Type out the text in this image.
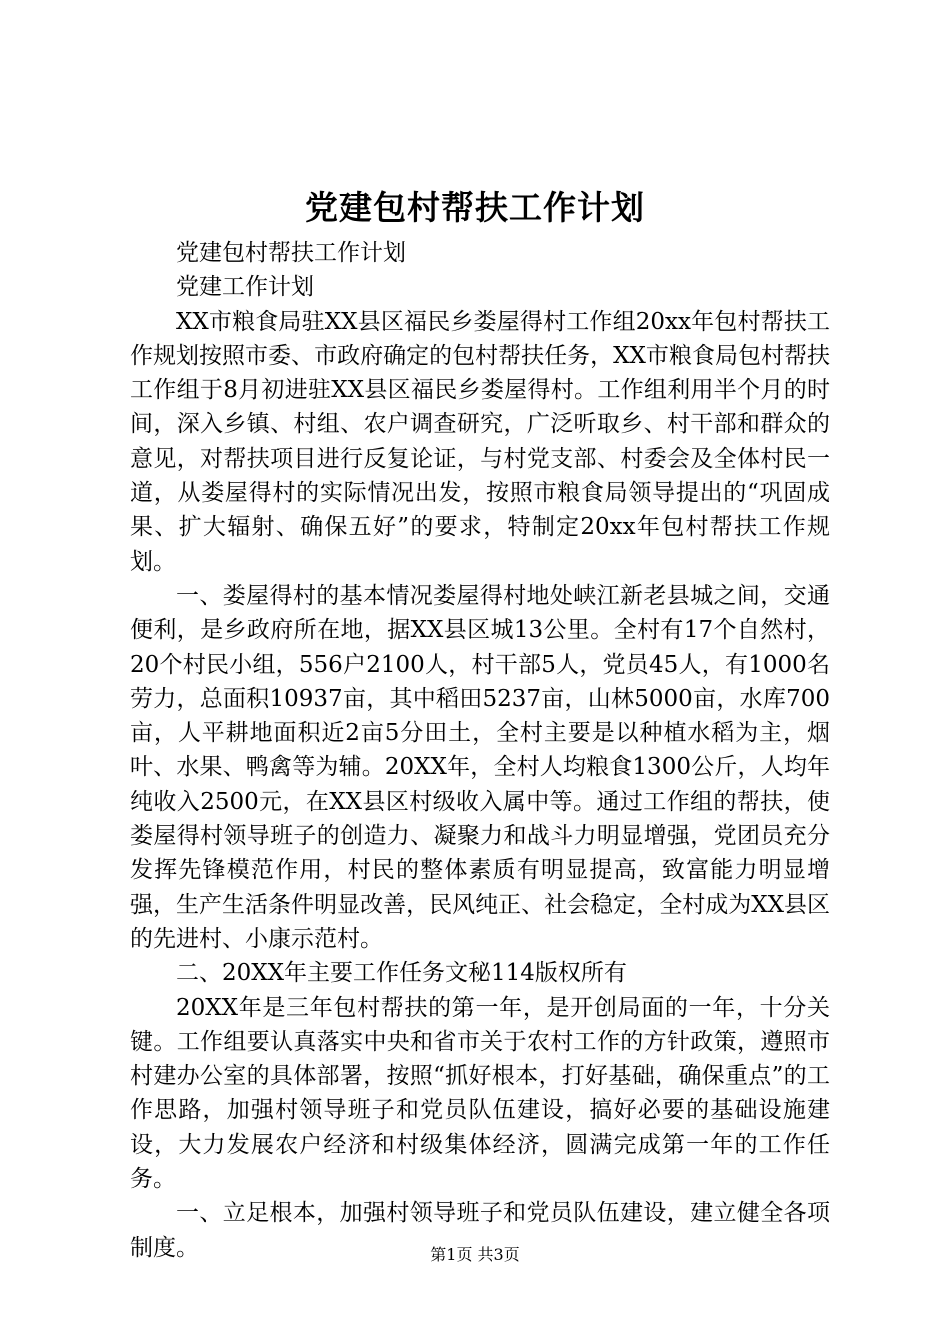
党建包村帮扶工作计划

党建包村帮扶工作计划

党建工作计划

XX市粮食局驻XX县区福民乡娄屋得村工作组20xx年包村帮扶工作规划按照市委、市政府确定的包村帮扶任务，XX市粮食局包村帮扶工作组于8月初进驻XX县区福民乡娄屋得村。工作组利用半个月的时间，深入乡镇、村组、农户调查研究，广泛听取乡、村干部和群众的意见，对帮扶项目进行反复论证，与村党支部、村委会及全体村民一道，从娄屋得村的实际情况出发，按照市粮食局领导提出的“巩固成果、扩大辐射、确保五好”的要求，特制定20xx年包村帮扶工作规划。

一、娄屋得村的基本情况娄屋得村地处峡江新老县城之间，交通便利，是乡政府所在地，据XX县区城13公里。全村有17个自然村，20个村民小组，556户2100人，村干部5人，党员45人，有1000名劳力，总面积10937亩，其中稻田5237亩，山林5000亩，水库700亩，人平耕地面积近2亩5分田土，全村主要是以种植水稻为主，烟叶、水果、鸭禽等为辅。20XX年，全村人均粮食1300公斤，人均年纯收入2500元，在XX县区村级收入属中等。通过工作组的帮扶，使娄屋得村领导班子的创造力、凝聚力和战斗力明显增强，党团员充分发挥先锋模范作用，村民的整体素质有明显提高，致富能力明显增强，生产生活条件明显改善，民风纯正、社会稳定，全村成为XX县区的先进村、小康示范村。

二、20XX年主要工作任务文秘114版权所有

20XX年是三年包村帮扶的第一年，是开创局面的一年，十分关键。工作组要认真落实中央和省市关于农村工作的方针政策，遵照市村建办公室的具体部署，按照“抓好根本，打好基础，确保重点”的工作思路，加强村领导班子和党员队伍建设，搞好必要的基础设施建设，大力发展农户经济和村级集体经济，圆满完成第一年的工作任务。

一、立足根本，加强村领导班子和党员队伍建设，建立健全各项制度。	第1页 共3页
